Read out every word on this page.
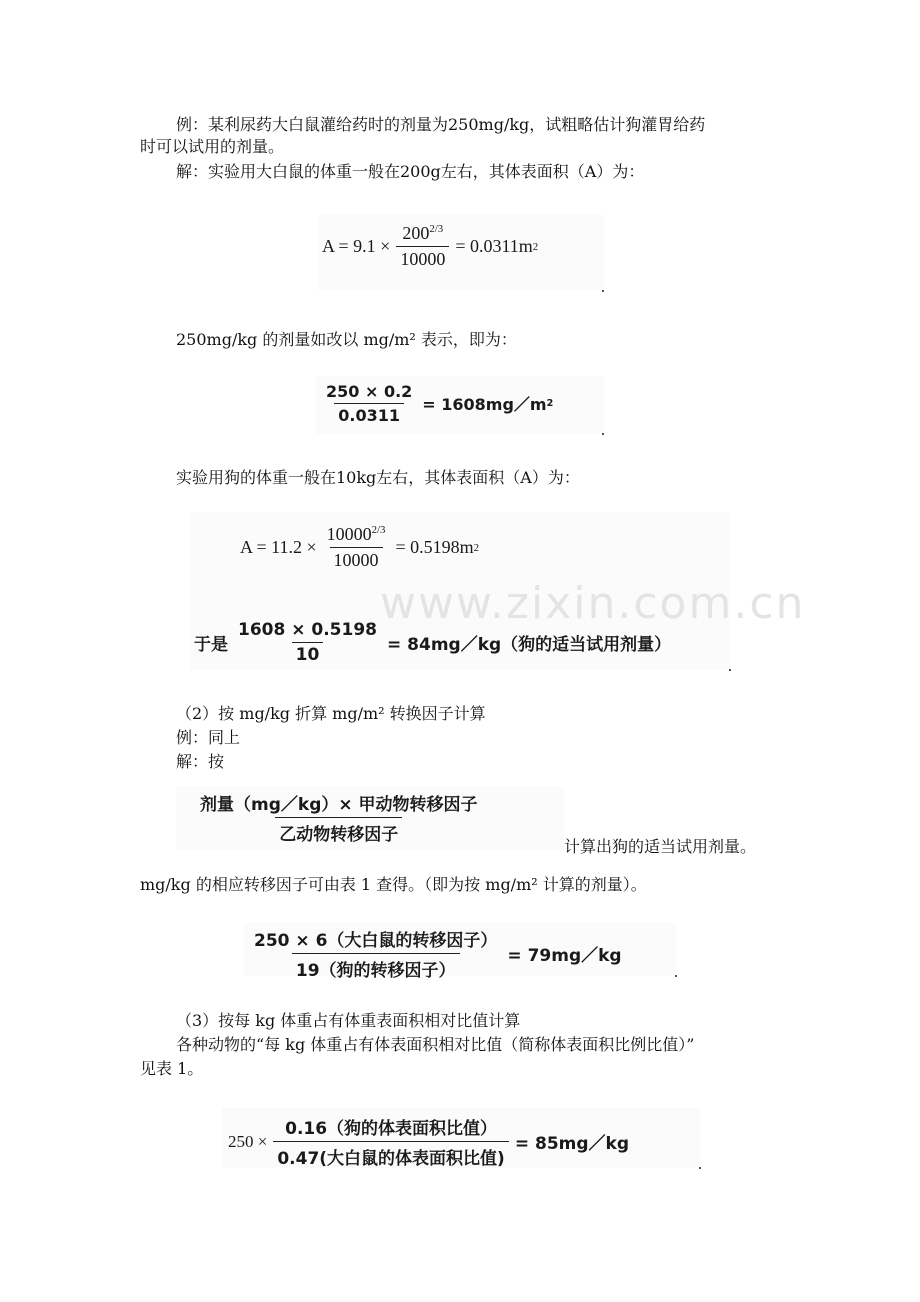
例：某利尿药大白鼠灌给药时的剂量为250mg/kg，试粗略估计狗灌胃给药
时可以试用的剂量。
解：实验用大白鼠的体重一般在200g左右，其体表面积（A）为：
$A = 9.1 \times \frac{200^{2/3}}{10000} = 0.0311m$ 2
250mg/kg 的剂量如改以 mg/m² 表示，即为：
$\frac{250 \times 0.2}{0.0311}$ = 1608mg／m 2
实验用狗的体重一般在10kg左右，其体表面积（A）为：
www.zixin.com.cn
$A = 11.2 \times \frac{10000^{2/3}}{10000} = 0.5198m$ 2
于是 $\frac{1608 \times 0.5198}{10}$ = 84mg／kg（狗的适当试用剂量）
（2）按 mg/kg 折算 mg/m² 转换因子计算
例：同上
解：按
$\frac{\text{剂量（mg／kg）× 甲动物转移因子}}{\text{乙动物转移因子}}$
计算出狗的适当试用剂量。
mg/kg 的相应转移因子可由表 1 查得。（即为按 mg/m² 计算的剂量）。
$\frac{\text{250 × 6（大白鼠的转移因子）}}{\text{19（狗的转移因子）}}$ = 79mg／kg
（3）按每 kg 体重占有体重表面积相对比值计算
各种动物的“每 kg 体重占有体表面积相对比值（简称体表面积比例比值）”
见表 1。
$250 \times \frac{\text{0.16（狗的体表面积比值）}}{\text{0.47(大白鼠的体表面积比值)}}$ = 85mg／kg
